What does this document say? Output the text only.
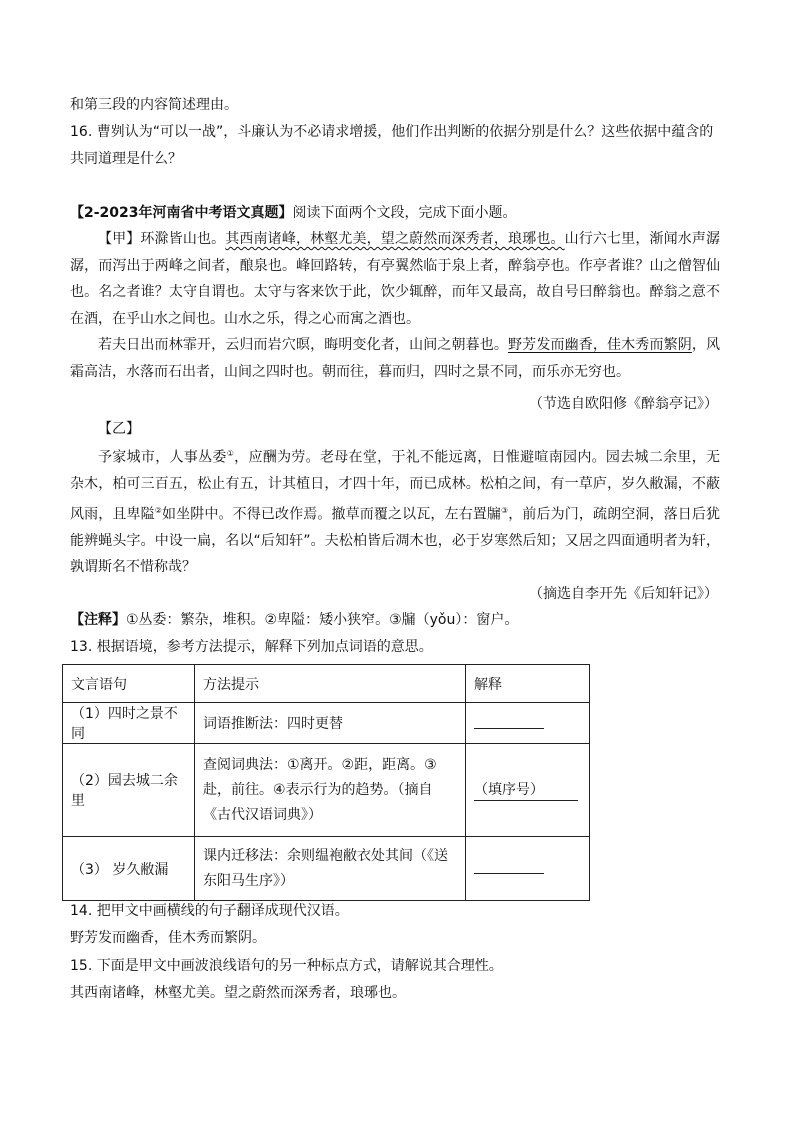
和第三段的内容简述理由。
16. 曹刿认为“可以一战”，斗廉认为不必请求增援，他们作出判断的依据分别是什么？这些依据中蕴含的
共同道理是什么？
【2-2023年河南省中考语文真题】阅读下面两个文段，完成下面小题。

【甲】环滁皆山也。其西南诸峰，林壑尤美，望之蔚然而深秀者，琅琊也。山行六七里，渐闻水声潺潺，而泻出于两峰之间者，酿泉也。峰回路转，有亭翼然临于泉上者，醉翁亭也。作亭者谁？山之僧智仙也。名之者谁？太守自谓也。太守与客来饮于此，饮少辄醉，而年又最高，故自号曰醉翁也。醉翁之意不在酒，在乎山水之间也。山水之乐，得之心而寓之酒也。

若夫日出而林霏开，云归而岩穴暝，晦明变化者，山间之朝暮也。野芳发而幽香，佳木秀而繁阴，风霜高洁，水落而石出者，山间之四时也。朝而往，暮而归，四时之景不同，而乐亦无穷也。

（节选自欧阳修《醉翁亭记》）
【乙】

予家城市，人事丛委①，应酬为劳。老母在堂，于礼不能远离，日惟避喧南园内。园去城二余里，无杂木，柏可三百五，松止有五，计其植日，才四十年，而已成林。松柏之间，有一草庐，岁久敝漏，不蔽风雨，且卑隘②如坐阱中。不得已改作焉。撤草而覆之以瓦，左右置牖③，前后为门，疏朗空洞，落日后犹能辨蝇头字。中设一扁，名以“后知轩”。夫松柏皆后凋木也，必于岁寒然后知；又居之四面通明者为轩，孰谓斯名不惜称哉？

（摘选自李开先《后知轩记》）
【注释】①丛委：繁杂，堆积。②卑隘：矮小狭窄。③牖（yǒu）：窗户。
13. 根据语境，参考方法提示，解释下列加点词语的意思。
文言语句	方法提示	解释
（1）四时之景不同	词语推断法：四时更替	
（2）园去城二余里	查阅词典法：①离开。②距，距离。③赴，前往。④表示行为的趋势。（摘自《古代汉语词典》）	（填序号）
（3） 岁久敝漏	课内迁移法：余则缊袍敝衣处其间（《送东阳马生序》）	
14. 把甲文中画横线的句子翻译成现代汉语。
野芳发而幽香，佳木秀而繁阴。
15. 下面是甲文中画波浪线语句的另一种标点方式，请解说其合理性。
其西南诸峰，林壑尤美。望之蔚然而深秀者，琅琊也。
